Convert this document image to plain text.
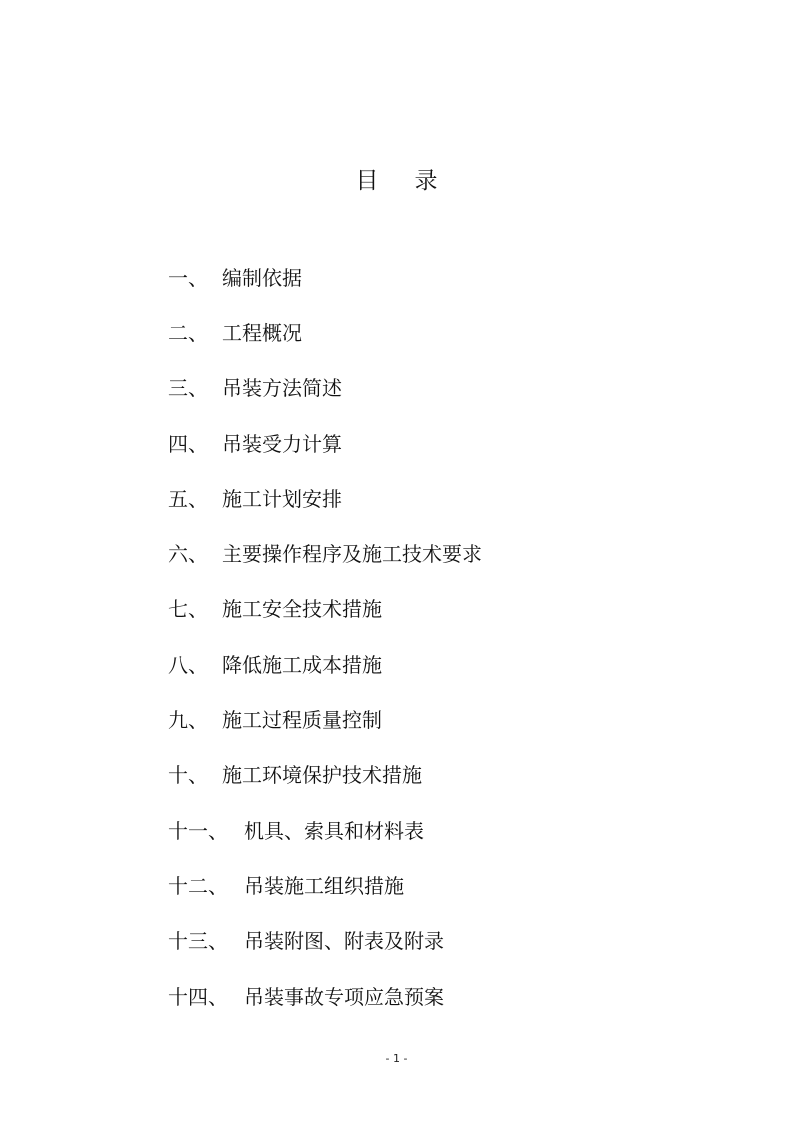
目录
一、 编制依据
二、 工程概况
三、 吊装方法简述
四、 吊装受力计算
五、 施工计划安排
六、 主要操作程序及施工技术要求
七、 施工安全技术措施
八、 降低施工成本措施
九、 施工过程质量控制
十、 施工环境保护技术措施
十一、 机具、索具和材料表
十二、 吊装施工组织措施
十三、 吊装附图、附表及附录
十四、 吊装事故专项应急预案
- 1 -
